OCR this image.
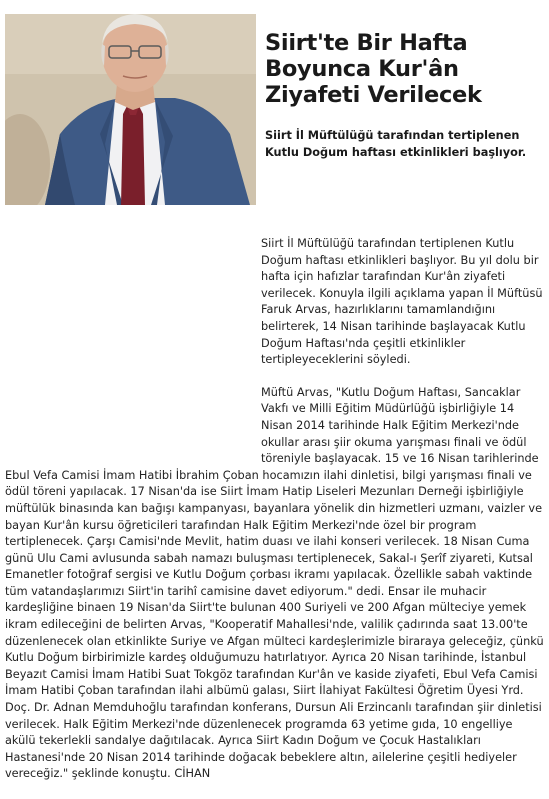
Siirt'te Bir Hafta Boyunca Kur'ân Ziyafeti Verilecek

Siirt İl Müftülüğü tarafından tertiplenen Kutlu Doğum haftası etkinlikleri başlıyor.

Siirt İl Müftülüğü tarafından tertiplenen Kutlu Doğum haftası etkinlikleri başlıyor. Bu yıl dolu bir hafta için hafızlar tarafından Kur'ân ziyafeti verilecek. Konuyla ilgili açıklama yapan İl Müftüsü Faruk Arvas, hazırlıklarını tamamlandığını belirterek, 14 Nisan tarihinde başlayacak Kutlu Doğum Haftası'nda çeşitli etkinlikler tertipleyeceklerini söyledi.

Müftü Arvas, "Kutlu Doğum Haftası, Sancaklar Vakfı ve Milli Eğitim Müdürlüğü işbirliğiyle 14 Nisan 2014 tarihinde Halk Eğitim Merkezi'nde okullar arası şiir okuma yarışması finali ve ödül töreniyle başlayacak. 15 ve 16 Nisan tarihlerinde Ebul Vefa Camisi İmam Hatibi İbrahim Çoban hocamızın ilahi dinletisi, bilgi yarışması finali ve ödül töreni yapılacak. 17 Nisan'da ise Siirt İmam Hatip Liseleri Mezunları Derneği işbirliğiyle müftülük binasında kan bağışı kampanyası, bayanlara yönelik din hizmetleri uzmanı, vaizler ve bayan Kur'ân kursu öğreticileri tarafından Halk Eğitim Merkezi'nde özel bir program tertiplenecek. Çarşı Camisi'nde Mevlit, hatim duası ve ilahi konseri verilecek. 18 Nisan Cuma günü Ulu Cami avlusunda sabah namazı buluşması tertiplenecek, Sakal-ı Şerîf ziyareti, Kutsal Emanetler fotoğraf sergisi ve Kutlu Doğum çorbası ikramı yapılacak. Özellikle sabah vaktinde tüm vatandaşlarımızı Siirt'in tarihî camisine davet ediyorum." dedi. Ensar ile muhacir kardeşliğine binaen 19 Nisan'da Siirt'te bulunan 400 Suriyeli ve 200 Afgan mülteciye yemek ikram edileceğini de belirten Arvas, "Kooperatif Mahallesi'nde, valilik çadırında saat 13.00'te düzenlenecek olan etkinlikte Suriye ve Afgan mülteci kardeşlerimizle biraraya geleceğiz, çünkü Kutlu Doğum birbirimizle kardeş olduğumuzu hatırlatıyor. Ayrıca 20 Nisan tarihinde, İstanbul Beyazıt Camisi İmam Hatibi Suat Tokgöz tarafından Kur'ân ve kaside ziyafeti, Ebul Vefa Camisi İmam Hatibi Çoban tarafından ilahi albümü galası, Siirt İlahiyat Fakültesi Öğretim Üyesi Yrd. Doç. Dr. Adnan Memduhoğlu tarafından konferans, Dursun Ali Erzincanlı tarafından şiir dinletisi verilecek. Halk Eğitim Merkezi'nde düzenlenecek programda 63 yetime gıda, 10 engelliye akülü tekerlekli sandalye dağıtılacak. Ayrıca Siirt Kadın Doğum ve Çocuk Hastalıkları Hastanesi'nde 20 Nisan 2014 tarihinde doğacak bebeklere altın, ailelerine çeşitli hediyeler vereceğiz." şeklinde konuştu. CİHAN
